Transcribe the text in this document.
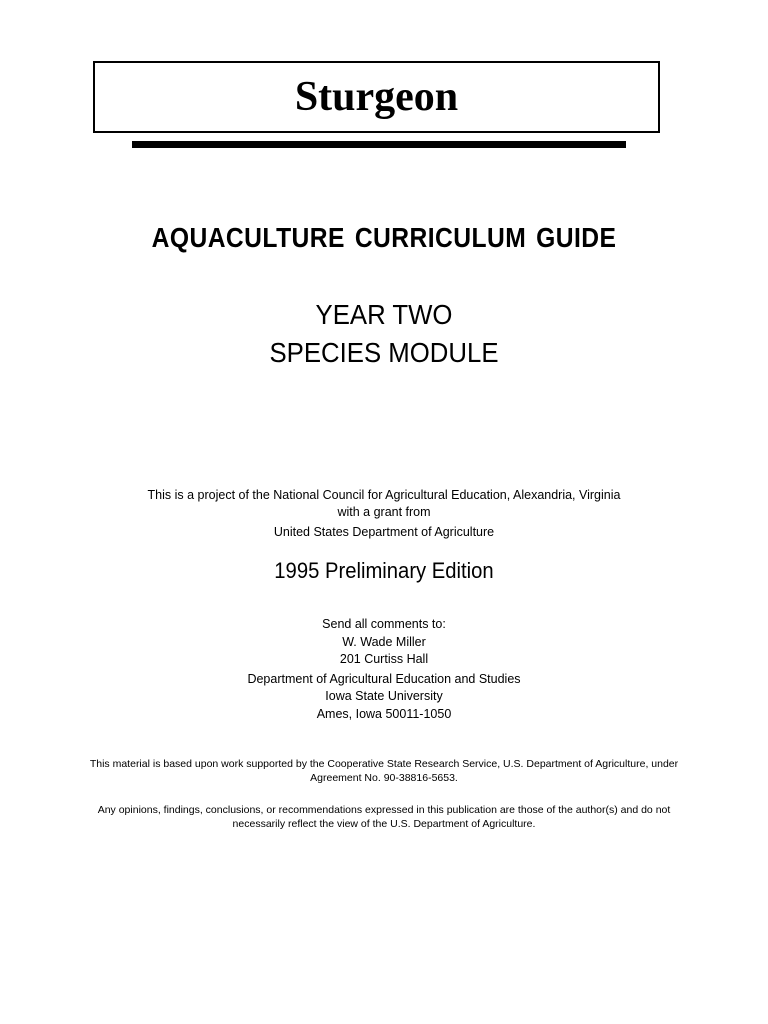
Sturgeon
AQUACULTURE CURRICULUM GUIDE
YEAR TWO
SPECIES MODULE
This is a project of the National Council for Agricultural Education, Alexandria, Virginia
with a grant from
United States Department of Agriculture
1995 Preliminary Edition
Send all comments to:
W. Wade Miller
201 Curtiss Hall
Department of Agricultural Education and Studies
Iowa State University
Ames, Iowa 50011-1050
This material is based upon work supported by the Cooperative State Research Service, U.S. Department of Agriculture, under
Agreement No. 90-38816-5653.
Any opinions, findings, conclusions, or recommendations expressed in this publication are those of the author(s) and do not
necessarily reflect the view of the U.S. Department of Agriculture.
